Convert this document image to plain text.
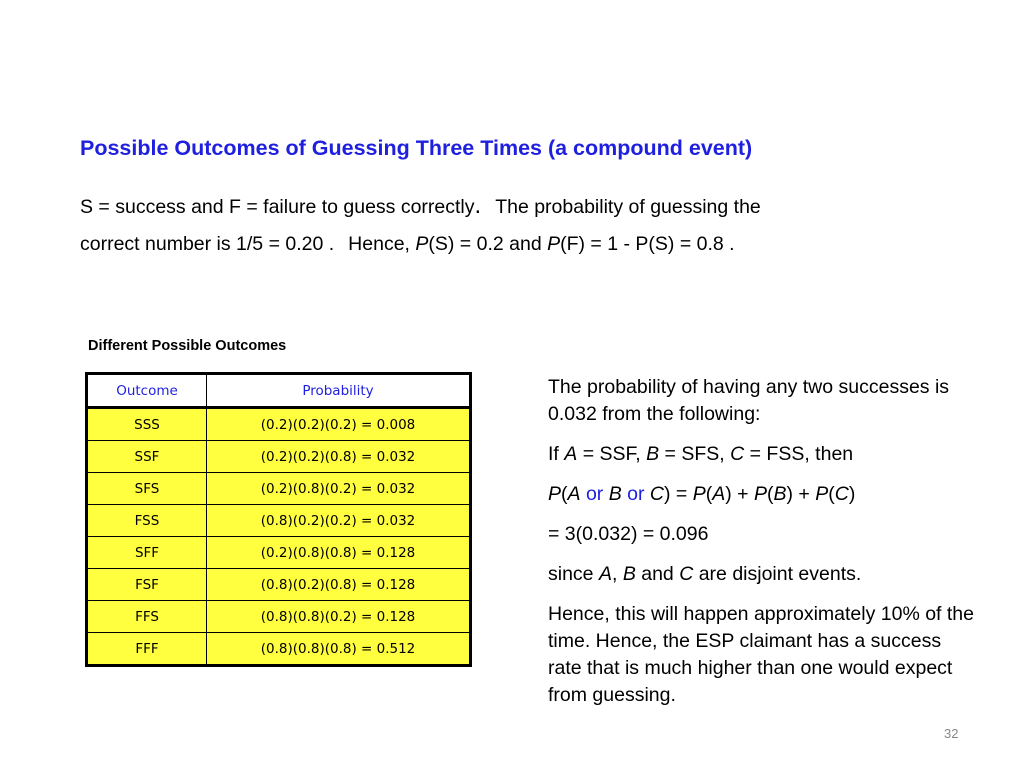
Possible Outcomes of Guessing Three Times (a compound event)

S = success and F = failure to guess correctly. The probability of guessing the

correct number is 1/5 = 0.20 . Hence, P(S) = 0.2 and P(F) = 1 - P(S) = 0.8 .

Different Possible Outcomes
Outcome	Probability
SSS	(0.2)(0.2)(0.2) = 0.008
SSF	(0.2)(0.2)(0.8) = 0.032
SFS	(0.2)(0.8)(0.2) = 0.032
FSS	(0.8)(0.2)(0.2) = 0.032
SFF	(0.2)(0.8)(0.8) = 0.128
FSF	(0.8)(0.2)(0.8) = 0.128
FFS	(0.8)(0.8)(0.2) = 0.128
FFF	(0.8)(0.8)(0.8) = 0.512

The probability of having any two successes is 0.032 from the following:

If A = SSF, B = SFS, C = FSS, then

P(A or B or C) = P(A) + P(B) + P(C)

= 3(0.032) = 0.096

since A, B and C are disjoint events.

Hence, this will happen approximately 10% of the time. Hence, the ESP claimant has a success rate that is much higher than one would expect from guessing.

32
